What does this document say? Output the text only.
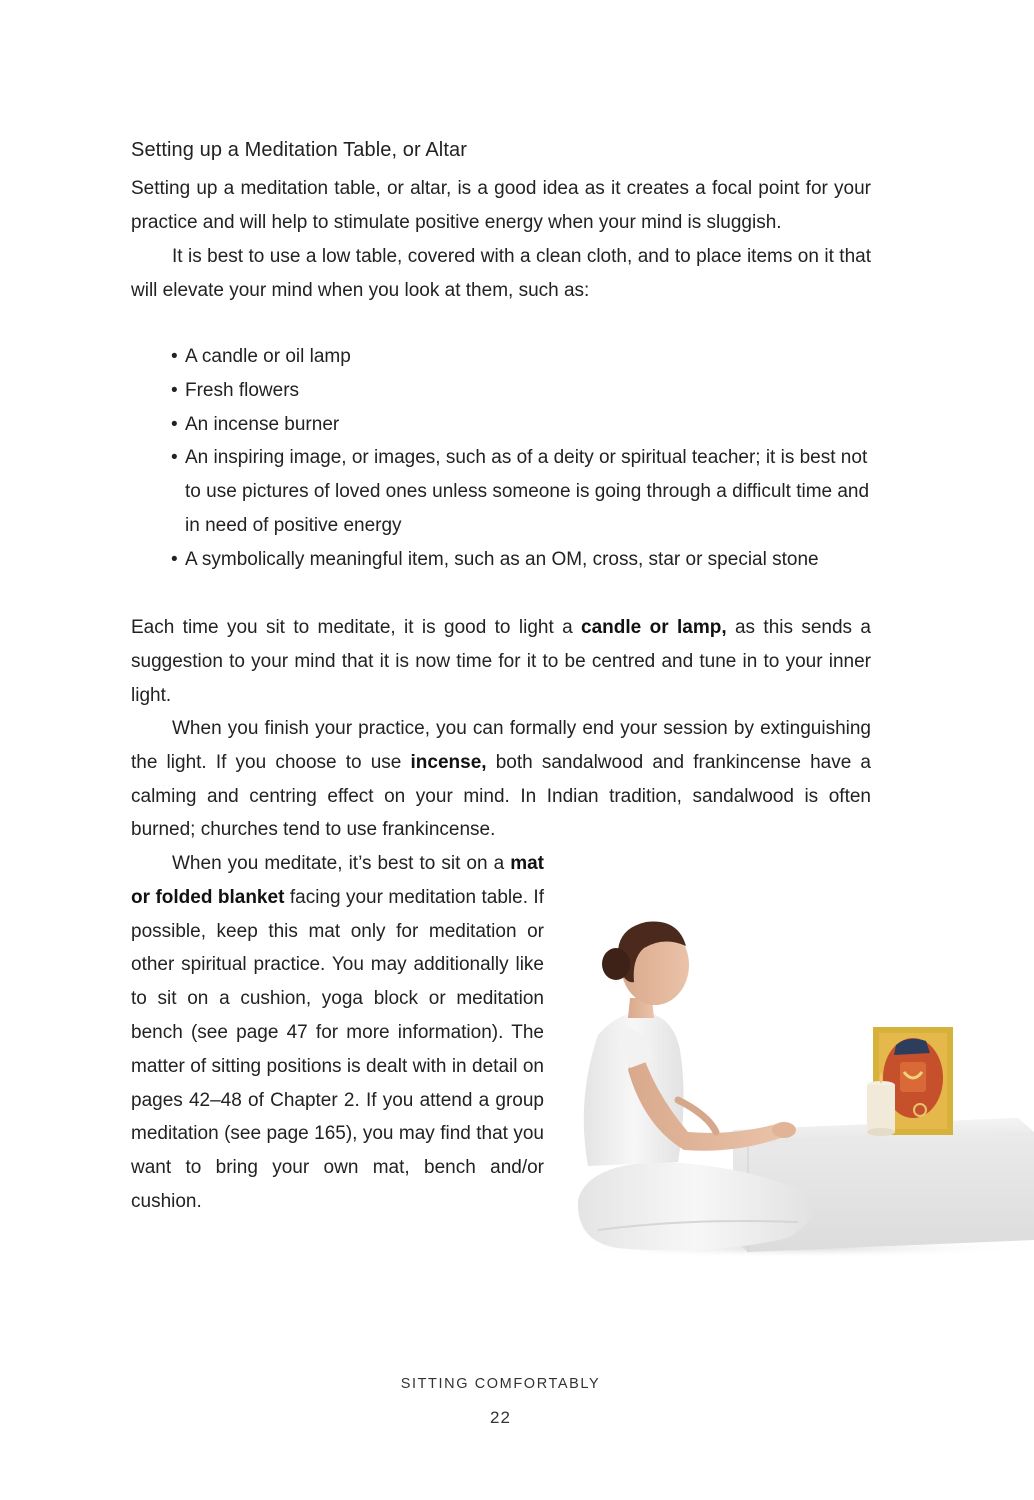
Setting up a Meditation Table, or Altar

Setting up a meditation table, or altar, is a good idea as it creates a focal point for your practice and will help to stimulate positive energy when your mind is sluggish.

It is best to use a low table, covered with a clean cloth, and to place items on it that will elevate your mind when you look at them, such as:

• A candle or oil lamp
• Fresh flowers
• An incense burner
• An inspiring image, or images, such as of a deity or spiritual teacher; it is best not to use pictures of loved ones unless someone is going through a difficult time and in need of positive energy
• A symbolically meaningful item, such as an OM, cross, star or special stone

Each time you sit to meditate, it is good to light a candle or lamp, as this sends a suggestion to your mind that it is now time for it to be centred and tune in to your inner light.

When you finish your practice, you can formally end your session by extinguishing the light. If you choose to use incense, both sandalwood and frankincense have a calming and centring effect on your mind. In Indian tradition, sandalwood is often burned; churches tend to use frankincense.

When you meditate, it’s best to sit on a mat or folded blanket facing your meditation table. If possible, keep this mat only for meditation or other spiritual practice. You may additionally like to sit on a cushion, yoga block or meditation bench (see page 47 for more information). The matter of sitting positions is dealt with in detail on pages 42–48 of Chapter 2. If you attend a group meditation (see page 165), you may find that you want to bring your own mat, bench and/or cushion.

SITTING COMFORTABLY
22
